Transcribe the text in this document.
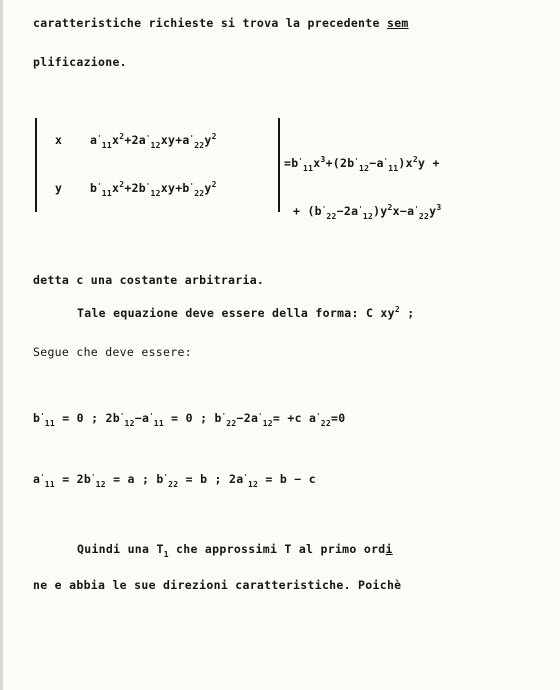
caratteristiche richieste si trova la precedente sem
plificazione.
x $a'_{11}x^2+2a'_{12}xy+a'_{22}y^2$
y $b'_{11}x^2+2b'_{12}xy+b'_{22}y^2$
$=b'_{11}x^3+(2b'_{12}-a'_{11})x^2y$ +
+ $(b'_{22}-2a'_{12})y^2x-a'_{22}y^3$
detta c una costante arbitraria.
Tale equazione deve essere della forma: C $xy^2$ ;
Segue che deve essere:
$b'_{11} = 0$ ; $2b'_{12}-a'_{11} = 0$ ; $b'_{22}-2a'_{12}= +c$ $a'_{22}=0$
$a'_{11} = 2b'_{12} = a$ ; $b'_{22} = b$ ; $2a'_{12} = b - c$
Quindi una $T_1$ che approssimi T al primo ordi
ne e abbia le sue direzioni caratteristiche. Poichè
